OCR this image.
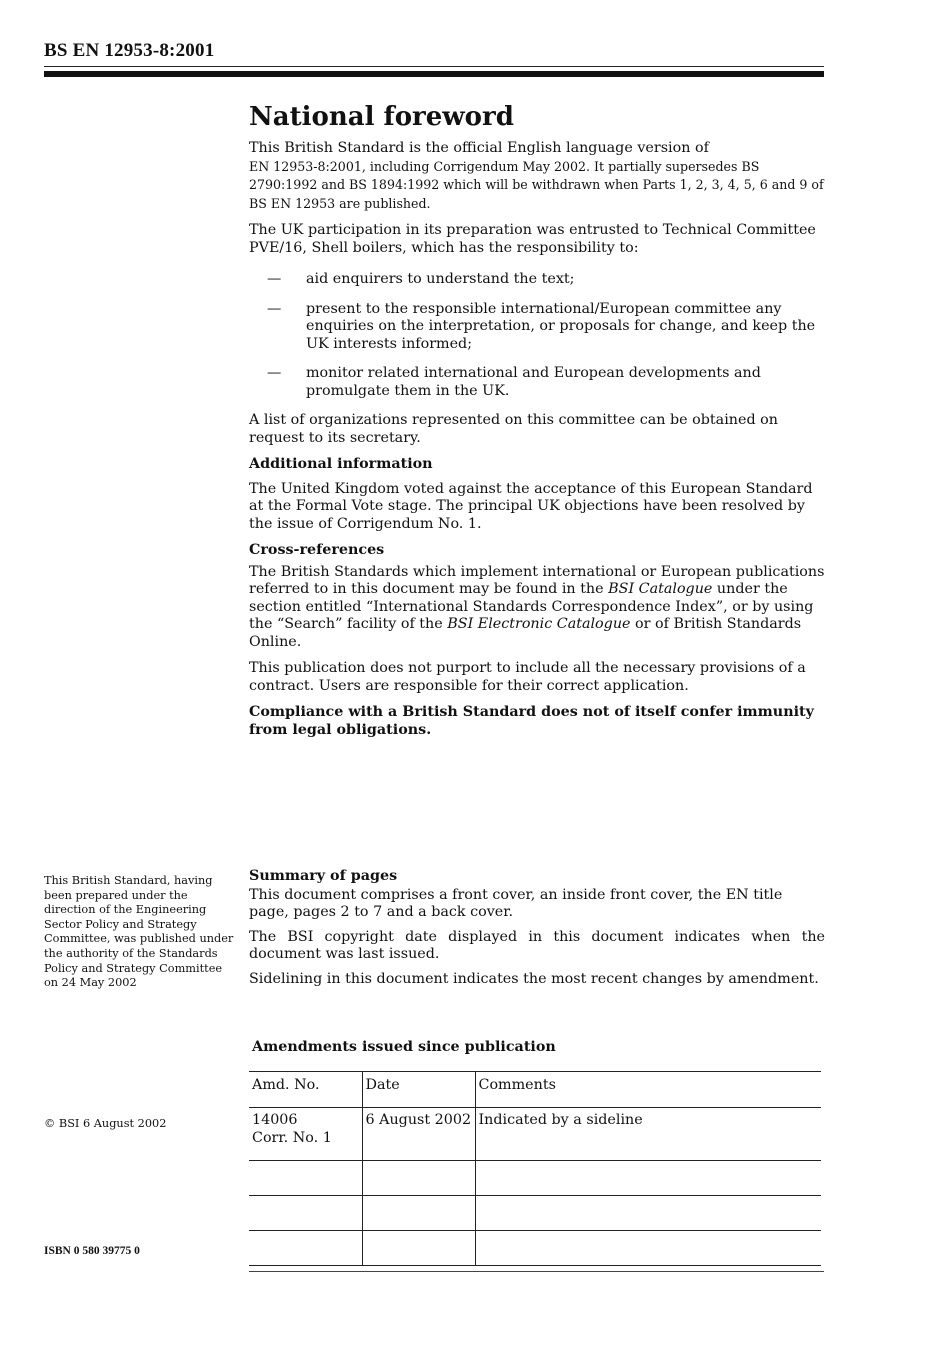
BS EN 12953-8:2001
National foreword

This British Standard is the official English language version of
EN 12953-8:2001, including Corrigendum May 2002. It partially supersedes BS 2790:1992 and BS 1894:1992 which will be withdrawn when Parts 1, 2, 3, 4, 5, 6 and 9 of BS EN 12953 are published.

The UK participation in its preparation was entrusted to Technical Committee PVE/16, Shell boilers, which has the responsibility to:

—	aid enquirers to understand the text;
—	present to the responsible international/European committee any enquiries on the interpretation, or proposals for change, and keep the UK interests informed;
—	monitor related international and European developments and promulgate them in the UK.

A list of organizations represented on this committee can be obtained on request to its secretary.

Additional information

The United Kingdom voted against the acceptance of this European Standard at the Formal Vote stage. The principal UK objections have been resolved by the issue of Corrigendum No. 1.

Cross-references

The British Standards which implement international or European publications referred to in this document may be found in the BSI Catalogue under the section entitled “International Standards Correspondence Index”, or by using the “Search” facility of the BSI Electronic Catalogue or of British Standards Online.

This publication does not purport to include all the necessary provisions of a contract. Users are responsible for their correct application.

Compliance with a British Standard does not of itself confer immunity from legal obligations.

This British Standard, having been prepared under the direction of the Engineering Sector Policy and Strategy Committee, was published under the authority of the Standards Policy and Strategy Committee on 24 May 2002
Summary of pages

This document comprises a front cover, an inside front cover, the EN title page, pages 2 to 7 and a back cover.

The BSI copyright date displayed in this document indicates when the document was last issued.

Sidelining in this document indicates the most recent changes by amendment.

Amendments issued since publication
Amd. No.	Date	Comments
14006
Corr. No. 1	6 August 2002	Indicated by a sideline

© BSI 6 August 2002
ISBN 0 580 39775 0
